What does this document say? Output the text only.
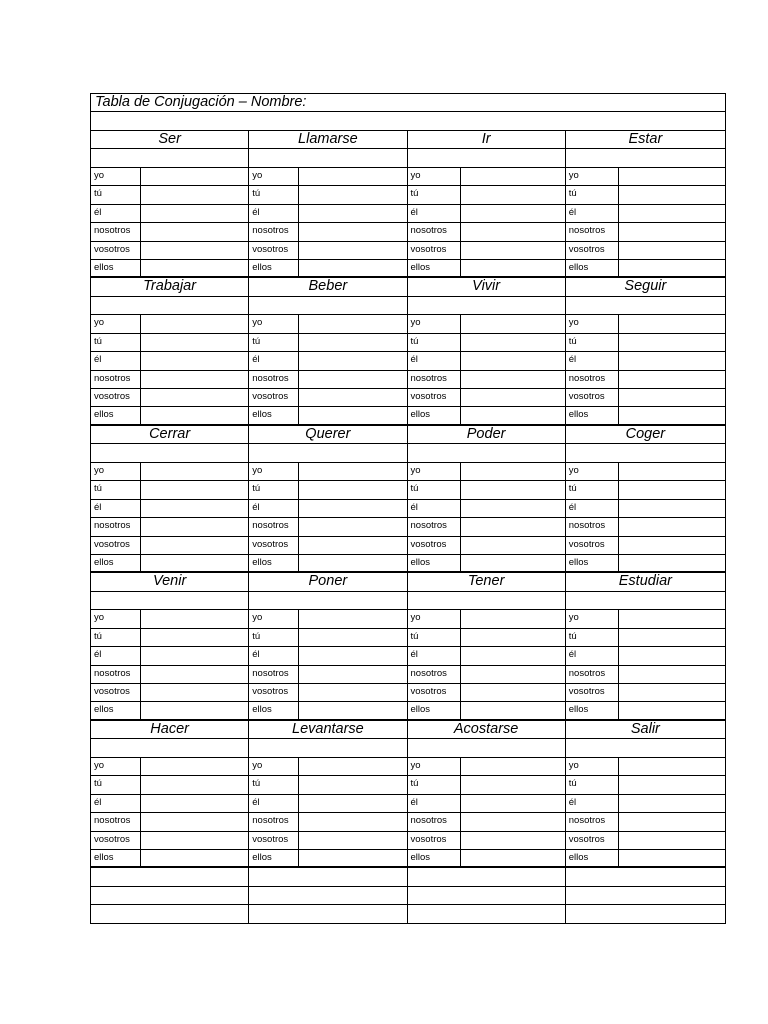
Tabla de Conjugación – Nombre:
Ser	Llamarse	Ir	Estar
yo	yo	yo	yo
tú	tú	tú	tú
él	él	él	él
nosotros	nosotros	nosotros	nosotros
vosotros	vosotros	vosotros	vosotros
ellos	ellos	ellos	ellos
Trabajar	Beber	Vivir	Seguir
yo	yo	yo	yo
tú	tú	tú	tú
él	él	él	él
nosotros	nosotros	nosotros	nosotros
vosotros	vosotros	vosotros	vosotros
ellos	ellos	ellos	ellos
Cerrar	Querer	Poder	Coger
yo	yo	yo	yo
tú	tú	tú	tú
él	él	él	él
nosotros	nosotros	nosotros	nosotros
vosotros	vosotros	vosotros	vosotros
ellos	ellos	ellos	ellos
Venir	Poner	Tener	Estudiar
yo	yo	yo	yo
tú	tú	tú	tú
él	él	él	él
nosotros	nosotros	nosotros	nosotros
vosotros	vosotros	vosotros	vosotros
ellos	ellos	ellos	ellos
Hacer	Levantarse	Acostarse	Salir
yo	yo	yo	yo
tú	tú	tú	tú
él	él	él	él
nosotros	nosotros	nosotros	nosotros
vosotros	vosotros	vosotros	vosotros
ellos	ellos	ellos	ellos
